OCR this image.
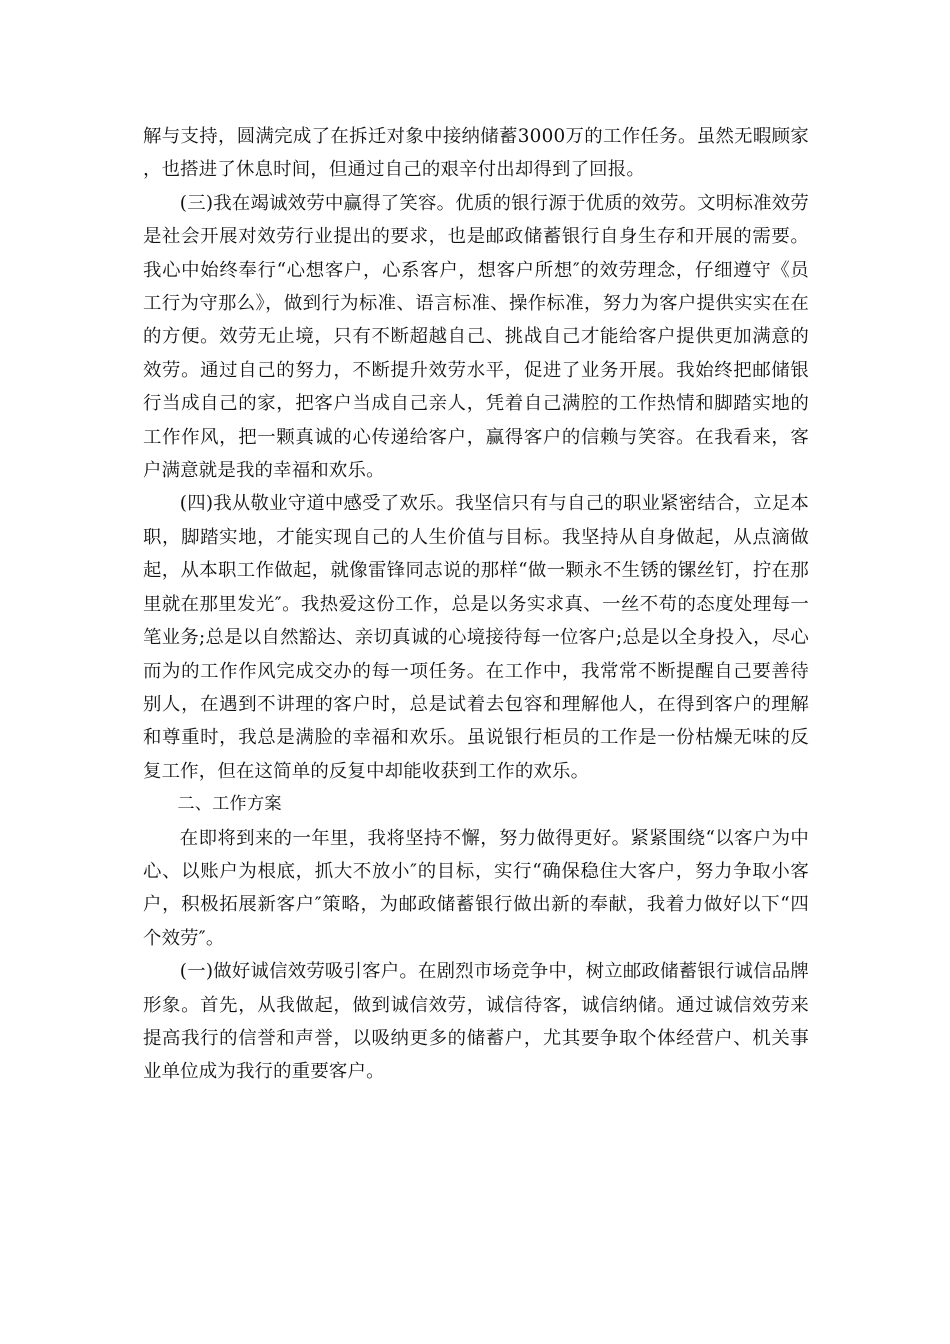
解与支持，圆满完成了在拆迁对象中接纳储蓄3000万的工作任务。虽然无暇顾家，也搭进了休息时间，但通过自己的艰辛付出却得到了回报。

(三)我在竭诚效劳中赢得了笑容。优质的银行源于优质的效劳。文明标准效劳是社会开展对效劳行业提出的要求，也是邮政储蓄银行自身生存和开展的需要。我心中始终奉行“心想客户，心系客户，想客户所想″的效劳理念，仔细遵守《员工行为守那么》，做到行为标准、语言标准、操作标准，努力为客户提供实实在在的方便。效劳无止境，只有不断超越自己、挑战自己才能给客户提供更加满意的效劳。通过自己的努力，不断提升效劳水平，促进了业务开展。我始终把邮储银行当成自己的家，把客户当成自己亲人，凭着自己满腔的工作热情和脚踏实地的工作作风，把一颗真诚的心传递给客户，赢得客户的信赖与笑容。在我看来，客户满意就是我的幸福和欢乐。

(四)我从敬业守道中感受了欢乐。我坚信只有与自己的职业紧密结合，立足本职，脚踏实地，才能实现自己的人生价值与目标。我坚持从自身做起，从点滴做起，从本职工作做起，就像雷锋同志说的那样“做一颗永不生锈的镙丝钉，拧在那里就在那里发光″。我热爱这份工作，总是以务实求真、一丝不苟的态度处理每一笔业务;总是以自然豁达、亲切真诚的心境接待每一位客户;总是以全身投入，尽心而为的工作作风完成交办的每一项任务。在工作中，我常常不断提醒自己要善待别人，在遇到不讲理的客户时，总是试着去包容和理解他人，在得到客户的理解和尊重时，我总是满脸的幸福和欢乐。虽说银行柜员的工作是一份枯燥无味的反复工作，但在这简单的反复中却能收获到工作的欢乐。

二、工作方案

在即将到来的一年里，我将坚持不懈，努力做得更好。紧紧围绕“以客户为中心、以账户为根底，抓大不放小″的目标，实行“确保稳住大客户，努力争取小客户，积极拓展新客户″策略，为邮政储蓄银行做出新的奉献，我着力做好以下“四个效劳″。

(一)做好诚信效劳吸引客户。在剧烈市场竞争中，树立邮政储蓄银行诚信品牌形象。首先，从我做起，做到诚信效劳，诚信待客，诚信纳储。通过诚信效劳来提高我行的信誉和声誉，以吸纳更多的储蓄户，尤其要争取个体经营户、机关事业单位成为我行的重要客户。
